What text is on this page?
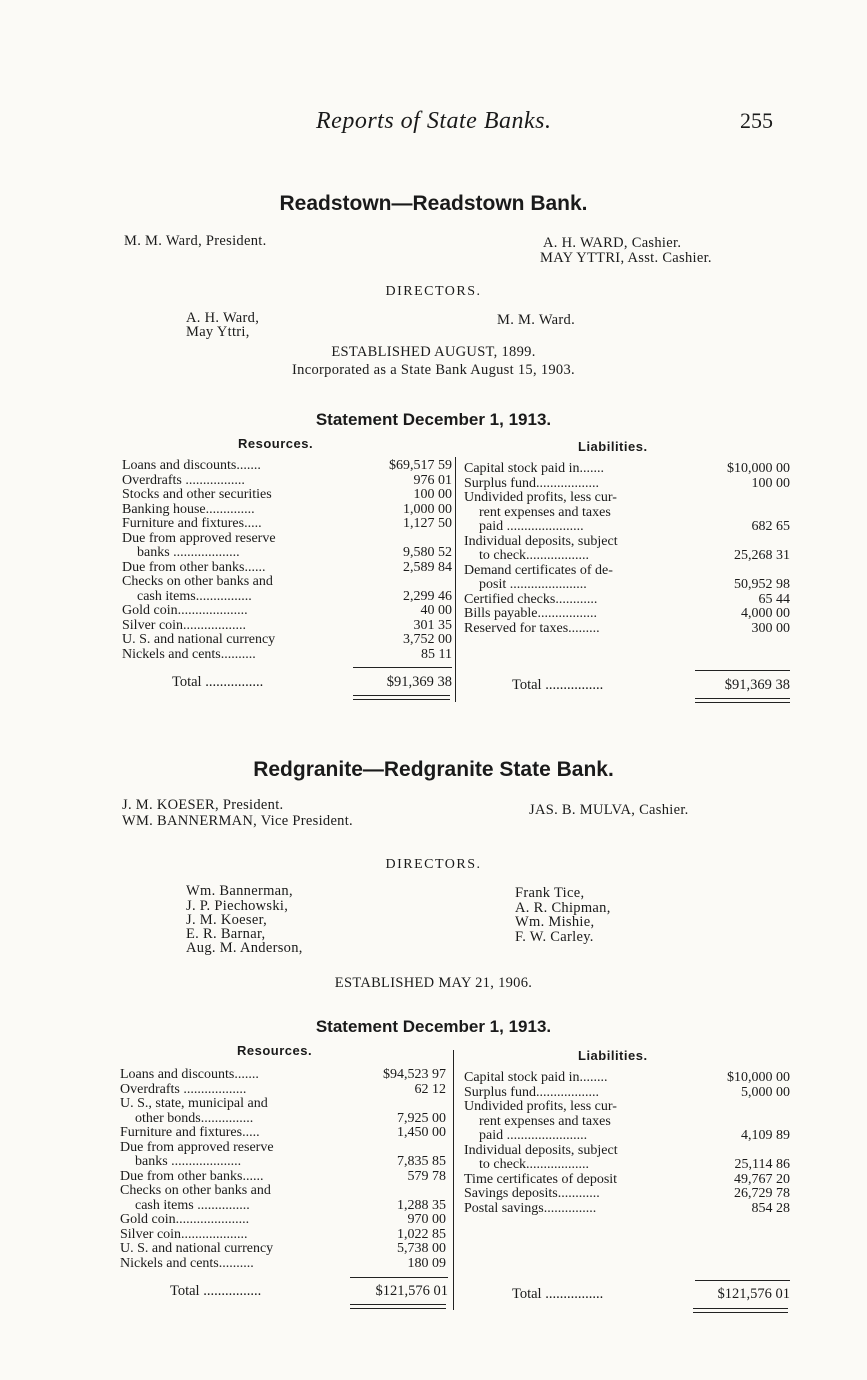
Reports of State Banks.	255
Readstown—Readstown Bank.
M. M. Ward, President.	A. H. WARD, Cashier.
MAY YTTRI, Asst. Cashier.
DIRECTORS.
A. H. Ward,
May Yttri,
M. M. Ward.
ESTABLISHED AUGUST, 1899.
Incorporated as a State Bank August 15, 1903.
Statement December 1, 1913.
Resources.	Liabilities.
Loans and discounts.......	$69,517 59
Overdrafts .................	976 01
Stocks and other securities	100 00
Banking house..............	1,000 00
Furniture and fixtures.....	1,127 50
Due from approved reserve
banks ...................	9,580 52
Due from other banks......	2,589 84
Checks on other banks and
cash items................	2,299 46
Gold coin....................	40 00
Silver coin..................	301 35
U. S. and national currency	3,752 00
Nickels and cents..........	85 11
Capital stock paid in.......	$10,000 00
Surplus fund..................	100 00
Undivided profits, less cur-
rent expenses and taxes
paid ......................	682 65
Individual deposits, subject
to check..................	25,268 31
Demand certificates of de-
posit ......................	50,952 98
Certified checks............	65 44
Bills payable.................	4,000 00
Reserved for taxes.........	300 00
Total ................	$91,369 38	Total ................	$91,369 38
Redgranite—Redgranite State Bank.
J. M. KOESER, President.
WM. BANNERMAN, Vice President.
JAS. B. MULVA, Cashier.
DIRECTORS.
Wm. Bannerman,
J. P. Piechowski,
J. M. Koeser,
E. R. Barnar,
Aug. M. Anderson,
Frank Tice,
A. R. Chipman,
Wm. Mishie,
F. W. Carley.
ESTABLISHED MAY 21, 1906.
Statement December 1, 1913.
Resources.	Liabilities.
Loans and discounts.......	$94,523 97
Overdrafts ..................	62 12
U. S., state, municipal and
other bonds...............	7,925 00
Furniture and fixtures.....	1,450 00
Due from approved reserve
banks ....................	7,835 85
Due from other banks......	579 78
Checks on other banks and
cash items ...............	1,288 35
Gold coin.....................	970 00
Silver coin...................	1,022 85
U. S. and national currency	5,738 00
Nickels and cents..........	180 09
Capital stock paid in........	$10,000 00
Surplus fund..................	5,000 00
Undivided profits, less cur-
rent expenses and taxes
paid .......................	4,109 89
Individual deposits, subject
to check..................	25,114 86
Time certificates of deposit	49,767 20
Savings deposits............	26,729 78
Postal savings...............	854 28
Total ................	$121,576 01	Total ................	$121,576 01
